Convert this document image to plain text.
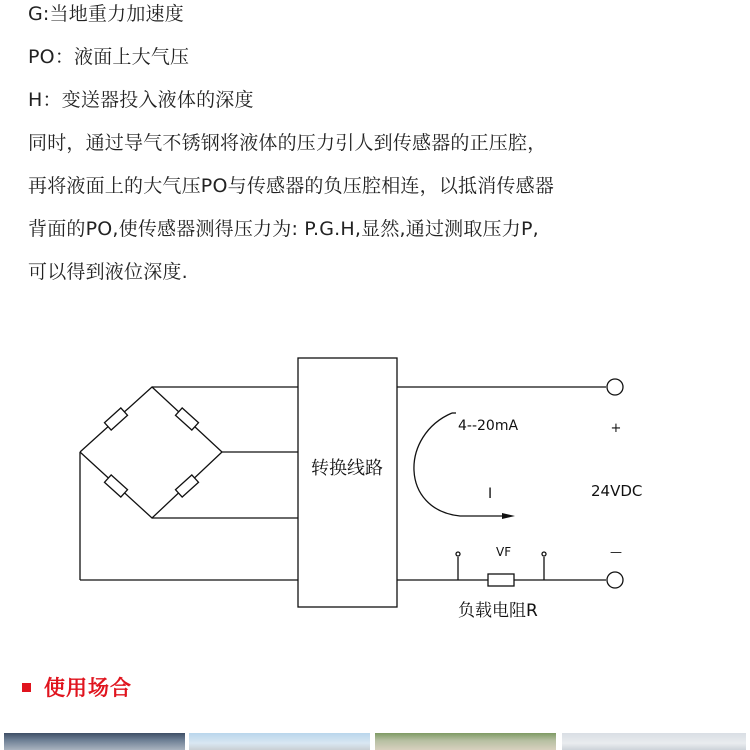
G:当地重力加速度
PO：液面上大气压
H：变送器投入液体的深度
同时，通过导气不锈钢将液体的压力引人到传感器的正压腔，
再将液面上的大气压PO与传感器的负压腔相连，以抵消传感器
背面的PO,使传感器测得压力为: P.G.H,显然,通过测取压力P,
可以得到液位深度.
转换线路
4--20mA
I
+
24VDC
—
VF
负载电阻R
使用场合
